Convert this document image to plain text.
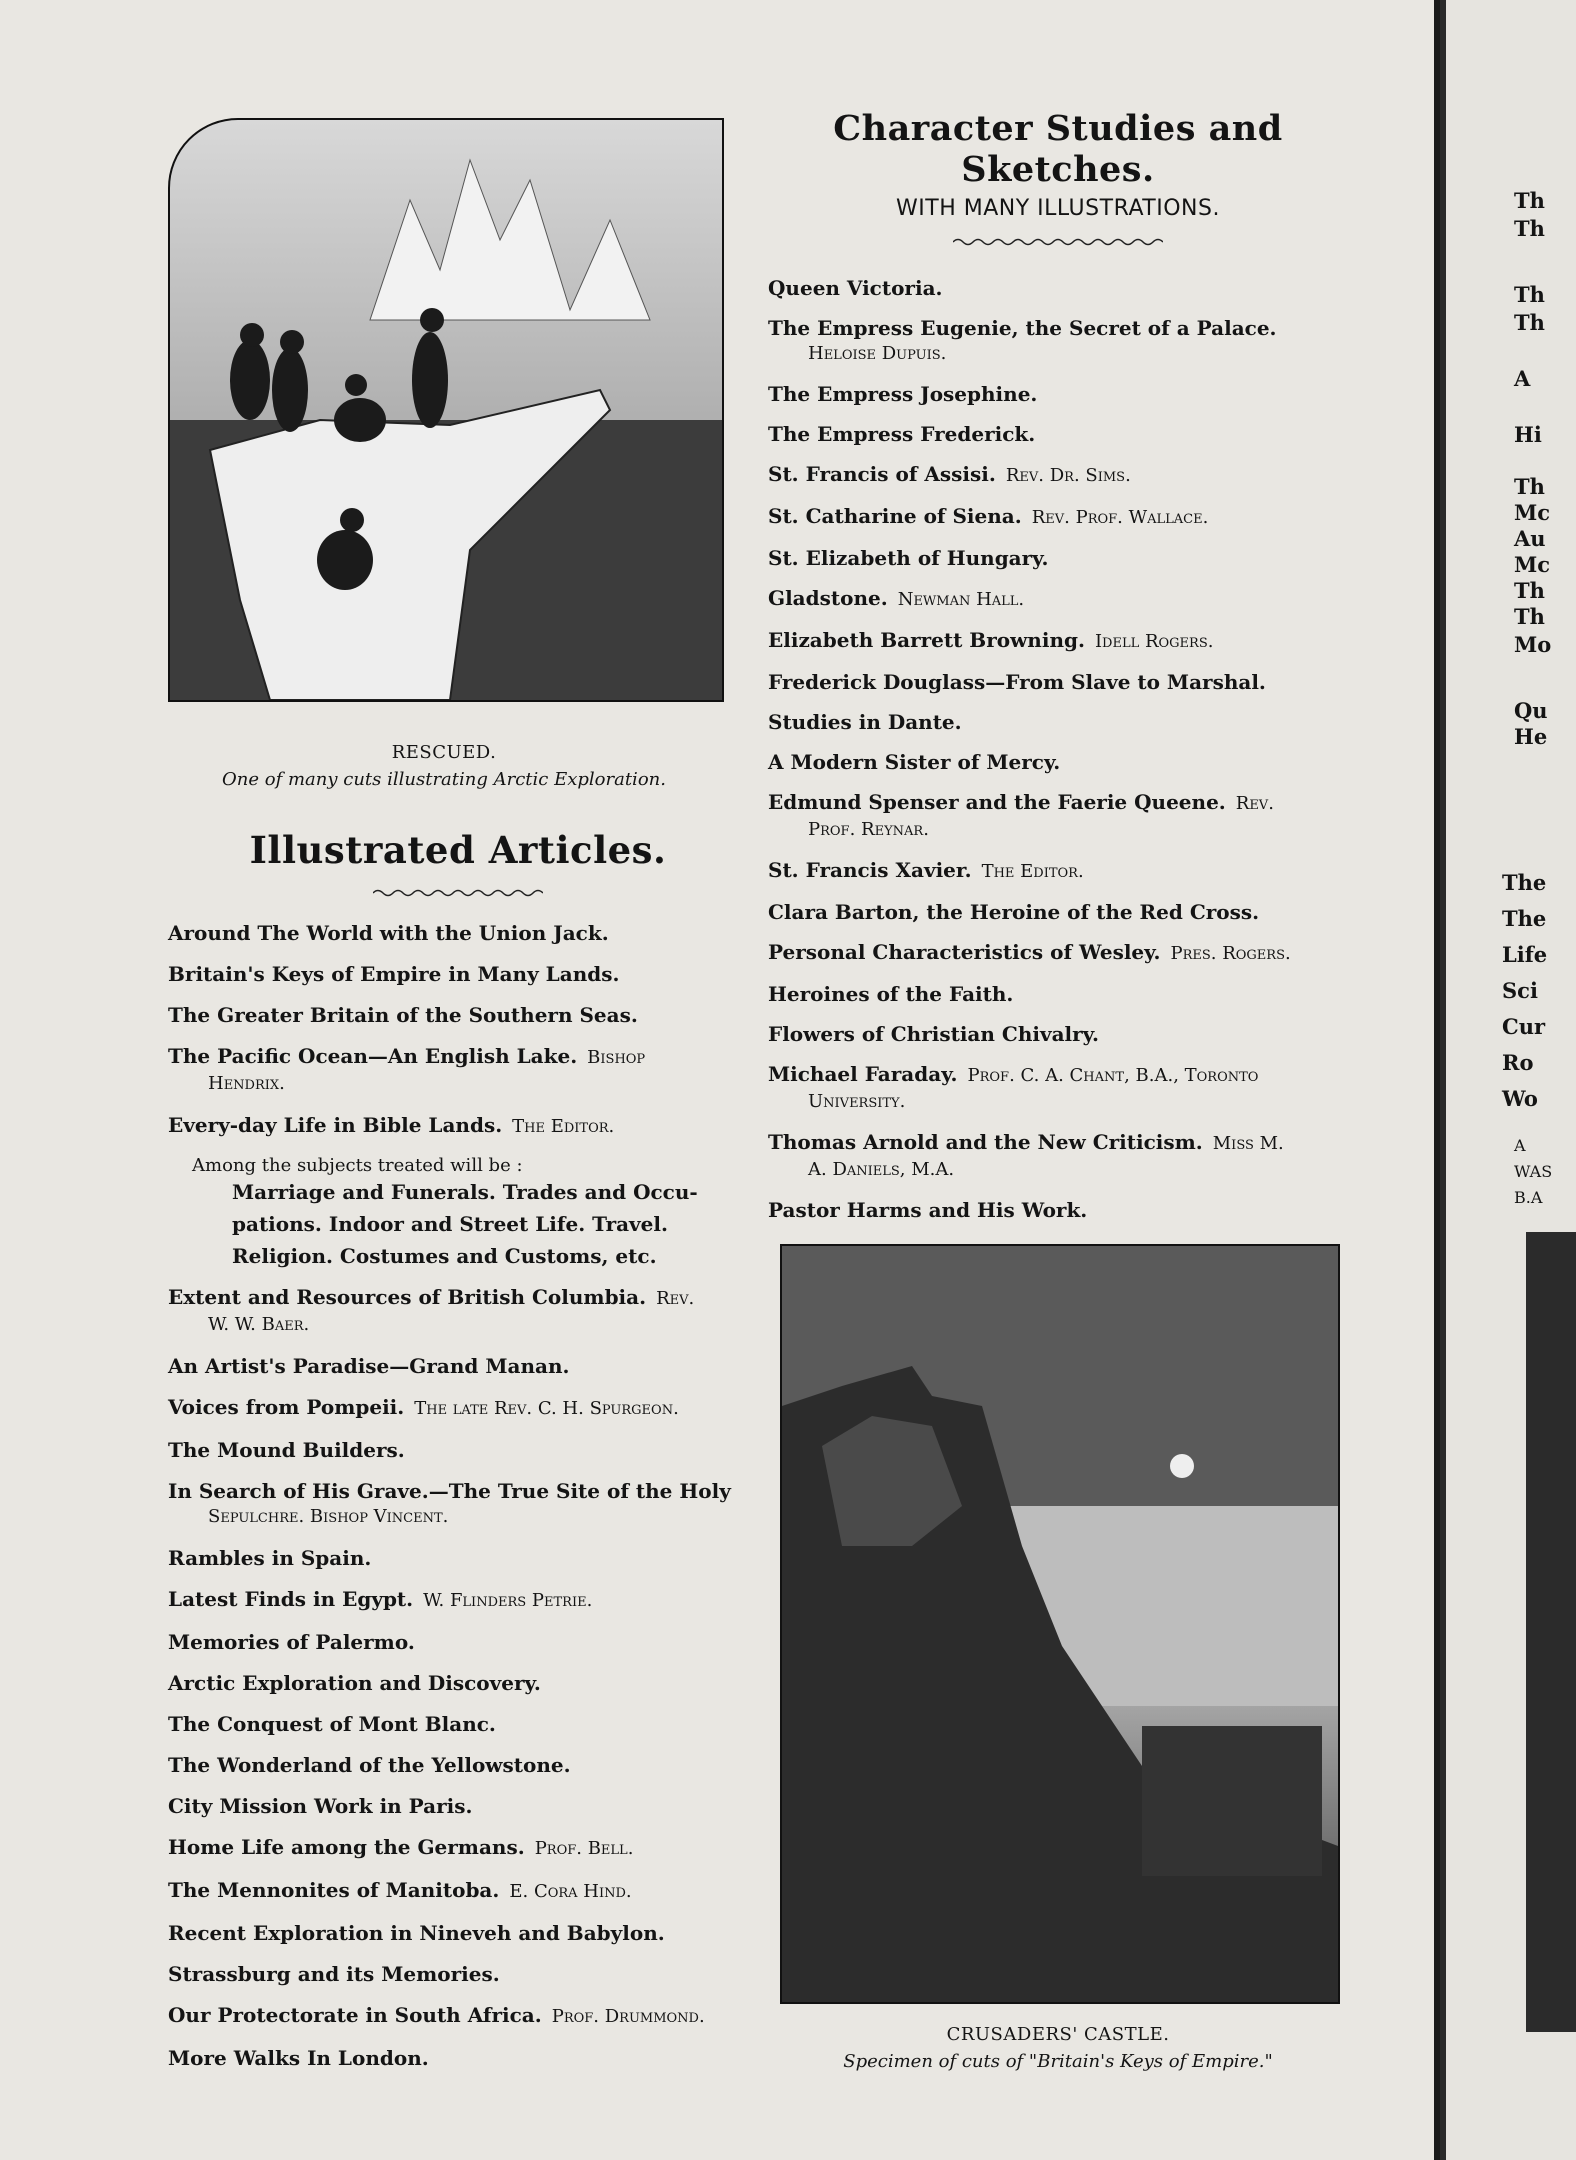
RESCUED.
One of many cuts illustrating Arctic Exploration.
Illustrated Articles.
Around The World with the Union Jack.
Britain's Keys of Empire in Many Lands.
The Greater Britain of the Southern Seas.
The Pacific Ocean—An English Lake. Bishop
Hendrix.
Every-day Life in Bible Lands. The Editor.
Among the subjects treated will be :
Marriage and Funerals. Trades and Occu-
pations. Indoor and Street Life. Travel.
Religion. Costumes and Customs, etc.
Extent and Resources of British Columbia. Rev.
W. W. Baer.
An Artist's Paradise—Grand Manan.
Voices from Pompeii. The late Rev. C. H. Spurgeon.
The Mound Builders.
In Search of His Grave.—The True Site of the Holy
Sepulchre. Bishop Vincent.
Rambles in Spain.
Latest Finds in Egypt. W. Flinders Petrie.
Memories of Palermo.
Arctic Exploration and Discovery.
The Conquest of Mont Blanc.
The Wonderland of the Yellowstone.
City Mission Work in Paris.
Home Life among the Germans. Prof. Bell.
The Mennonites of Manitoba. E. Cora Hind.
Recent Exploration in Nineveh and Babylon.
Strassburg and its Memories.
Our Protectorate in South Africa. Prof. Drummond.
More Walks In London.
Character Studies and Sketches.
WITH MANY ILLUSTRATIONS.
Queen Victoria.
The Empress Eugenie, the Secret of a Palace.
Heloise Dupuis.
The Empress Josephine.
The Empress Frederick.
St. Francis of Assisi. Rev. Dr. Sims.
St. Catharine of Siena. Rev. Prof. Wallace.
St. Elizabeth of Hungary.
Gladstone. Newman Hall.
Elizabeth Barrett Browning. Idell Rogers.
Frederick Douglass—From Slave to Marshal.
Studies in Dante.
A Modern Sister of Mercy.
Edmund Spenser and the Faerie Queene. Rev.
Prof. Reynar.
St. Francis Xavier. The Editor.
Clara Barton, the Heroine of the Red Cross.
Personal Characteristics of Wesley. Pres. Rogers.
Heroines of the Faith.
Flowers of Christian Chivalry.
Michael Faraday. Prof. C. A. Chant, B.A., Toronto
University.
Thomas Arnold and the New Criticism. Miss M.
A. Daniels, M.A.
Pastor Harms and His Work.
CRUSADERS' CASTLE.
Specimen of cuts of "Britain's Keys of Empire."
Th
Th
Th
Th
A
Hi
Th
Mc
Au
Mc
Th
Th
Mo
Qu
He
The
The
Life
Sci
Cur
Ro
Wo
A
WAS
B.A
